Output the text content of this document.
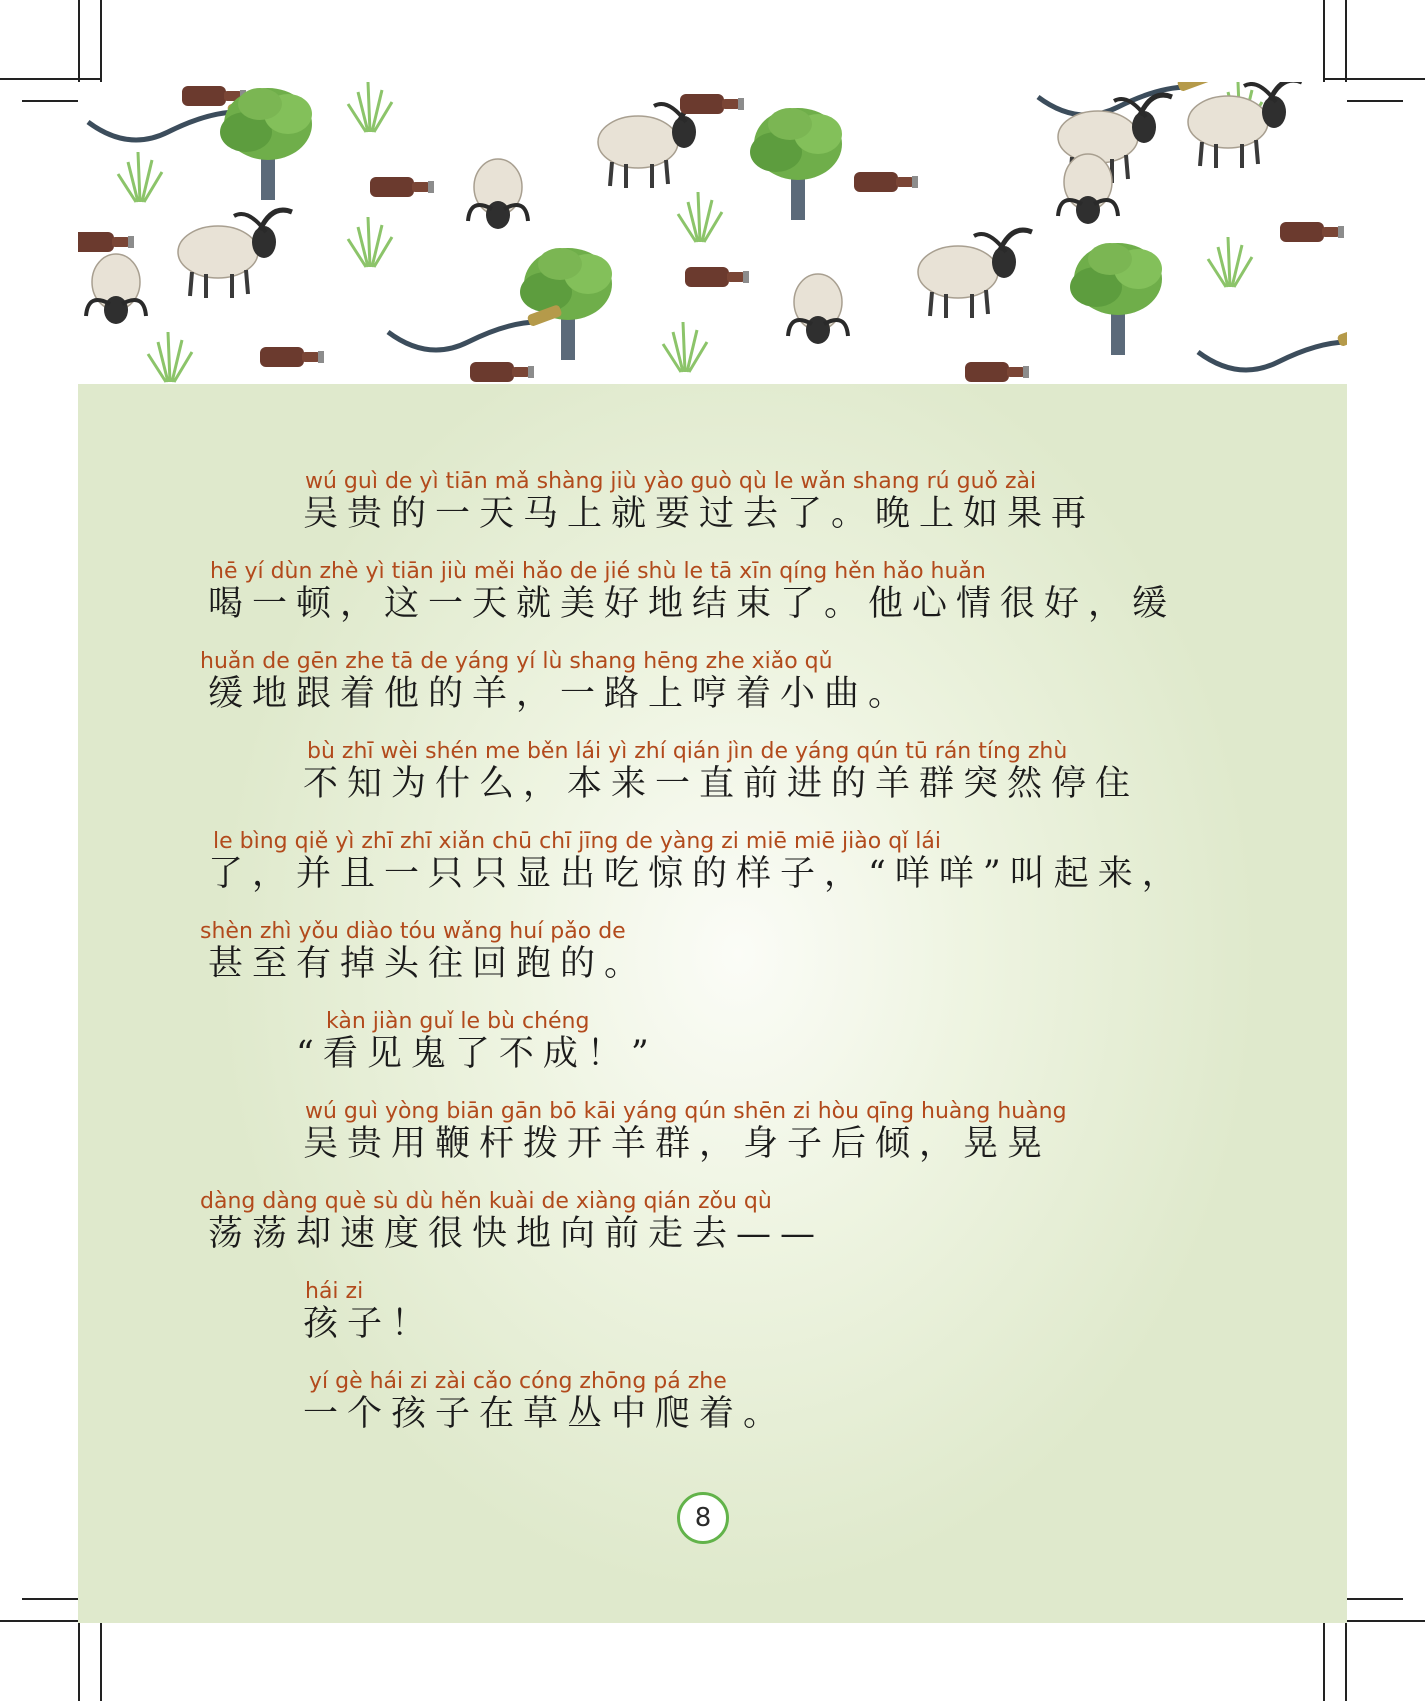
wú guì de yì tiān mǎ shàng jiù yào guò qù le wǎn shang rú guǒ zài
吴贵的一天马上就要过去了。晚上如果再
hē yí dùn zhè yì tiān jiù měi hǎo de jié shù le tā xīn qíng hěn hǎo huǎn
喝一顿，这一天就美好地结束了。他心情很好，缓
huǎn de gēn zhe tā de yáng yí lù shang hēng zhe xiǎo qǔ
缓地跟着他的羊，一路上哼着小曲。
bù zhī wèi shén me běn lái yì zhí qián jìn de yáng qún tū rán tíng zhù
不知为什么，本来一直前进的羊群突然停住
le bìng qiě yì zhī zhī xiǎn chū chī jīng de yàng zi miē miē jiào qǐ lái
了，并且一只只显出吃惊的样子，“咩咩”叫起来，
shèn zhì yǒu diào tóu wǎng huí pǎo de
甚至有掉头往回跑的。
kàn jiàn guǐ le bù chéng
“看见鬼了不成！”
wú guì yòng biān gān bō kāi yáng qún shēn zi hòu qīng huàng huàng
吴贵用鞭杆拨开羊群，身子后倾，晃晃
dàng dàng què sù dù hěn kuài de xiàng qián zǒu qù
荡荡却速度很快地向前走去——
hái zi
孩子！
yí gè hái zi zài cǎo cóng zhōng pá zhe
一个孩子在草丛中爬着。
8
